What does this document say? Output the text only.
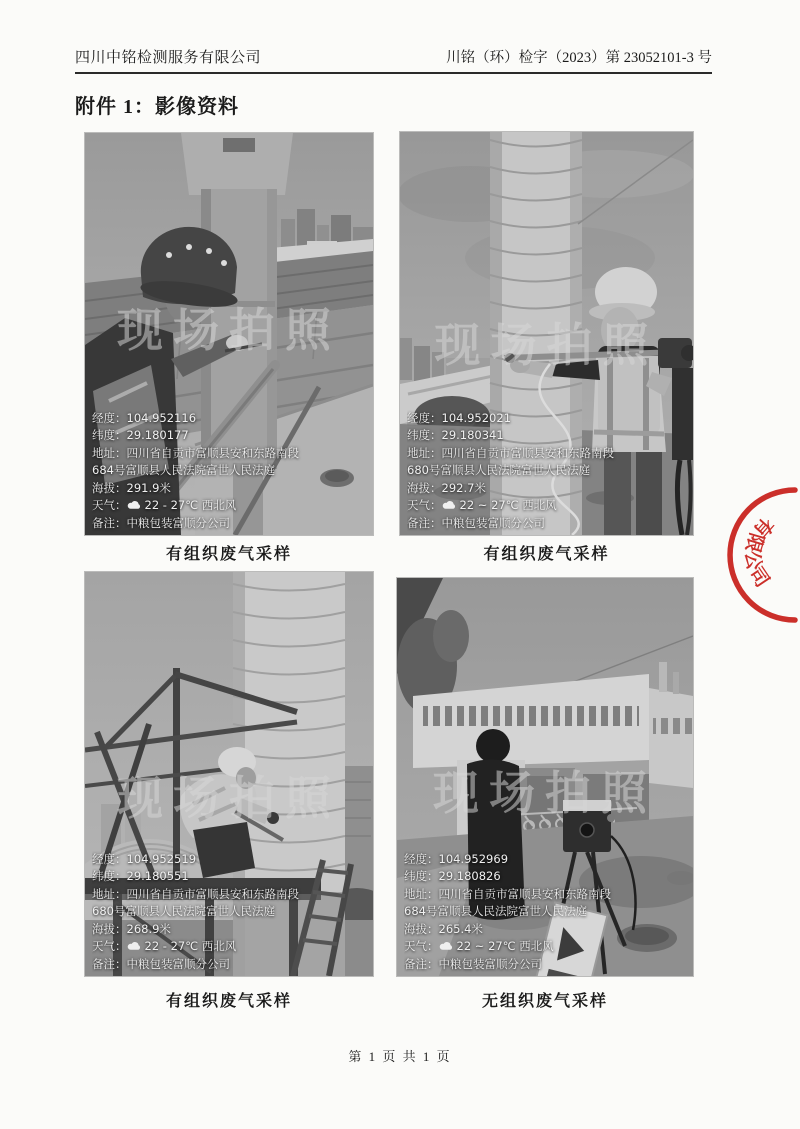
四川中铭检测服务有限公司	川铭（环）检字（2023）第 23052101-3 号
附件 1：影像资料
现场拍照
经度：104.952116
纬度：29.180177
地址：四川省自贡市富顺县安和东路南段
684号富顺县人民法院富世人民法庭
海拔：291.9米
天气： 22 - 27℃ 西北风
备注：中粮包装富顺分公司
现场拍照
经度：104.952021
纬度：29.180341
地址：四川省自贡市富顺县安和东路南段
680号富顺县人民法院富世人民法庭
海拔：292.7米
天气： 22 ~ 27℃ 西北风
备注：中粮包装富顺分公司
有组织废气采样	有组织废气采样
现场拍照
经度：104.952519
纬度：29.180551
地址：四川省自贡市富顺县安和东路南段
680号富顺县人民法院富世人民法庭
海拔：268.9米
天气： 22 - 27℃ 西北风
备注：中粮包装富顺分公司
现场拍照
经度：104.952969
纬度：29.180826
地址：四川省自贡市富顺县安和东路南段
684号富顺县人民法院富世人民法庭
海拔：265.4米
天气： 22 ~ 27℃ 西北风
备注：中粮包装富顺分公司
有组织废气采样	无组织废气采样
有限公司
第 1 页 共 1 页
